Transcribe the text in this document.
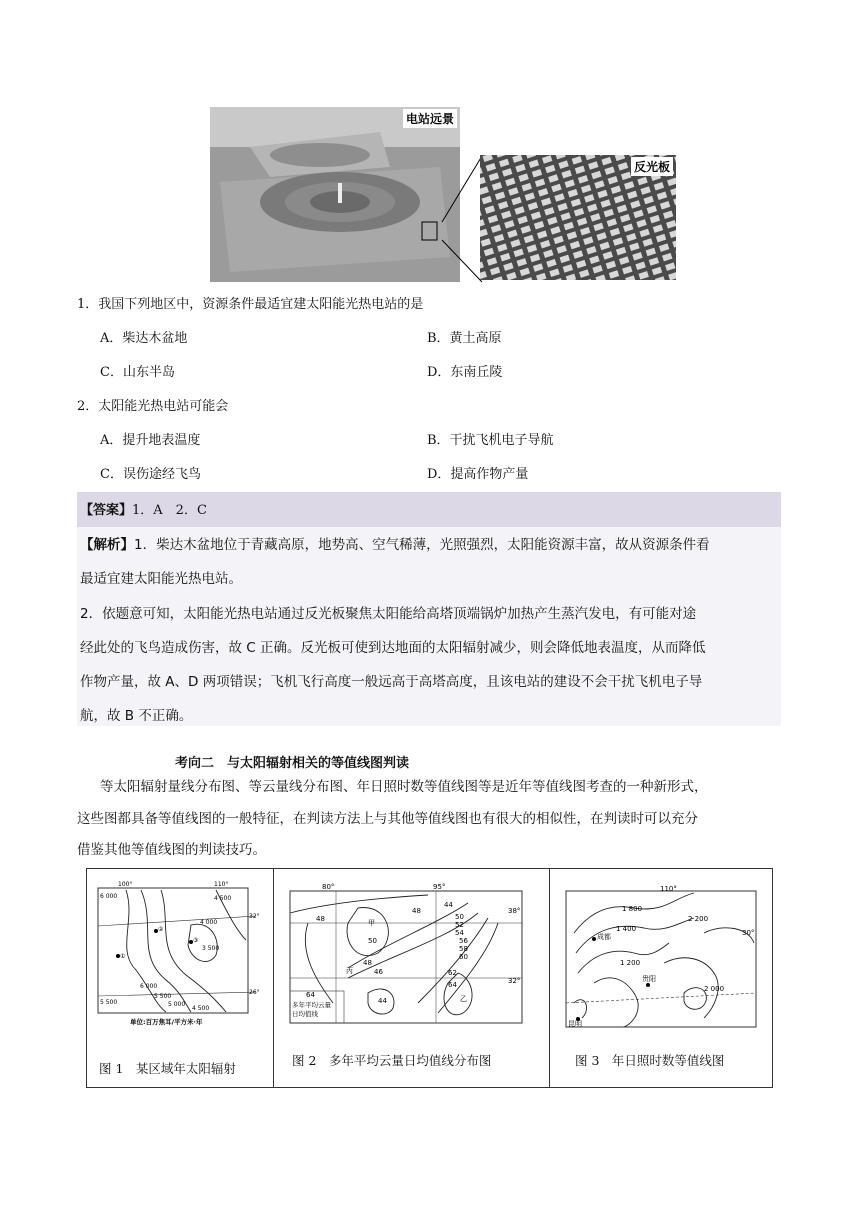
电站远景
反光板
1．我国下列地区中，资源条件最适宜建太阳能光热电站的是
A．柴达木盆地	B．黄土高原
C．山东半岛	D．东南丘陵
2．太阳能光热电站可能会
A．提升地表温度	B．干扰飞机电子导航
C．误伤途经飞鸟	D．提高作物产量
【答案】1．A　2．C
【解析】1．柴达木盆地位于青藏高原，地势高、空气稀薄，光照强烈，太阳能资源丰富，故从资源条件看
最适宜建太阳能光热电站。
2．依题意可知，太阳能光热电站通过反光板聚焦太阳能给高塔顶端锅炉加热产生蒸汽发电，有可能对途
经此处的飞鸟造成伤害，故 C 正确。反光板可使到达地面的太阳辐射减少，则会降低地表温度，从而降低
作物产量，故 A、D 两项错误；飞机飞行高度一般远高于高塔高度，且该电站的建设不会干扰飞机电子导
航，故 B 不正确。
考向二　与太阳辐射相关的等值线图判读
等太阳辐射量线分布图、等云量线分布图、年日照时数等值线图等是近年等值线图考查的一种新形式，
这些图都具备等值线图的一般特征，在判读方法上与其他等值线图也有很大的相似性，在判读时可以充分
借鉴其他等值线图的判读技巧。
100°	110°
6 000	4 500
32°
4 000
②
③
3 500
①
6 000
26°
5 500
5 500
5 000
4 500
单位:百万焦耳/平方米·年
图 1　某区域年太阳辐射
80°	95°
48
44
48
甲
50
52
54
56
58
60
38°
50
48
丙	46	62
64
乙
32°
44
64
多年平均云量
日均值线
图 2　多年平均云量日均值线分布图
110°
1 800
1 400
成都
2 200
30°
1 200
贵阳
2 000
昆明
图 3　年日照时数等值线图
